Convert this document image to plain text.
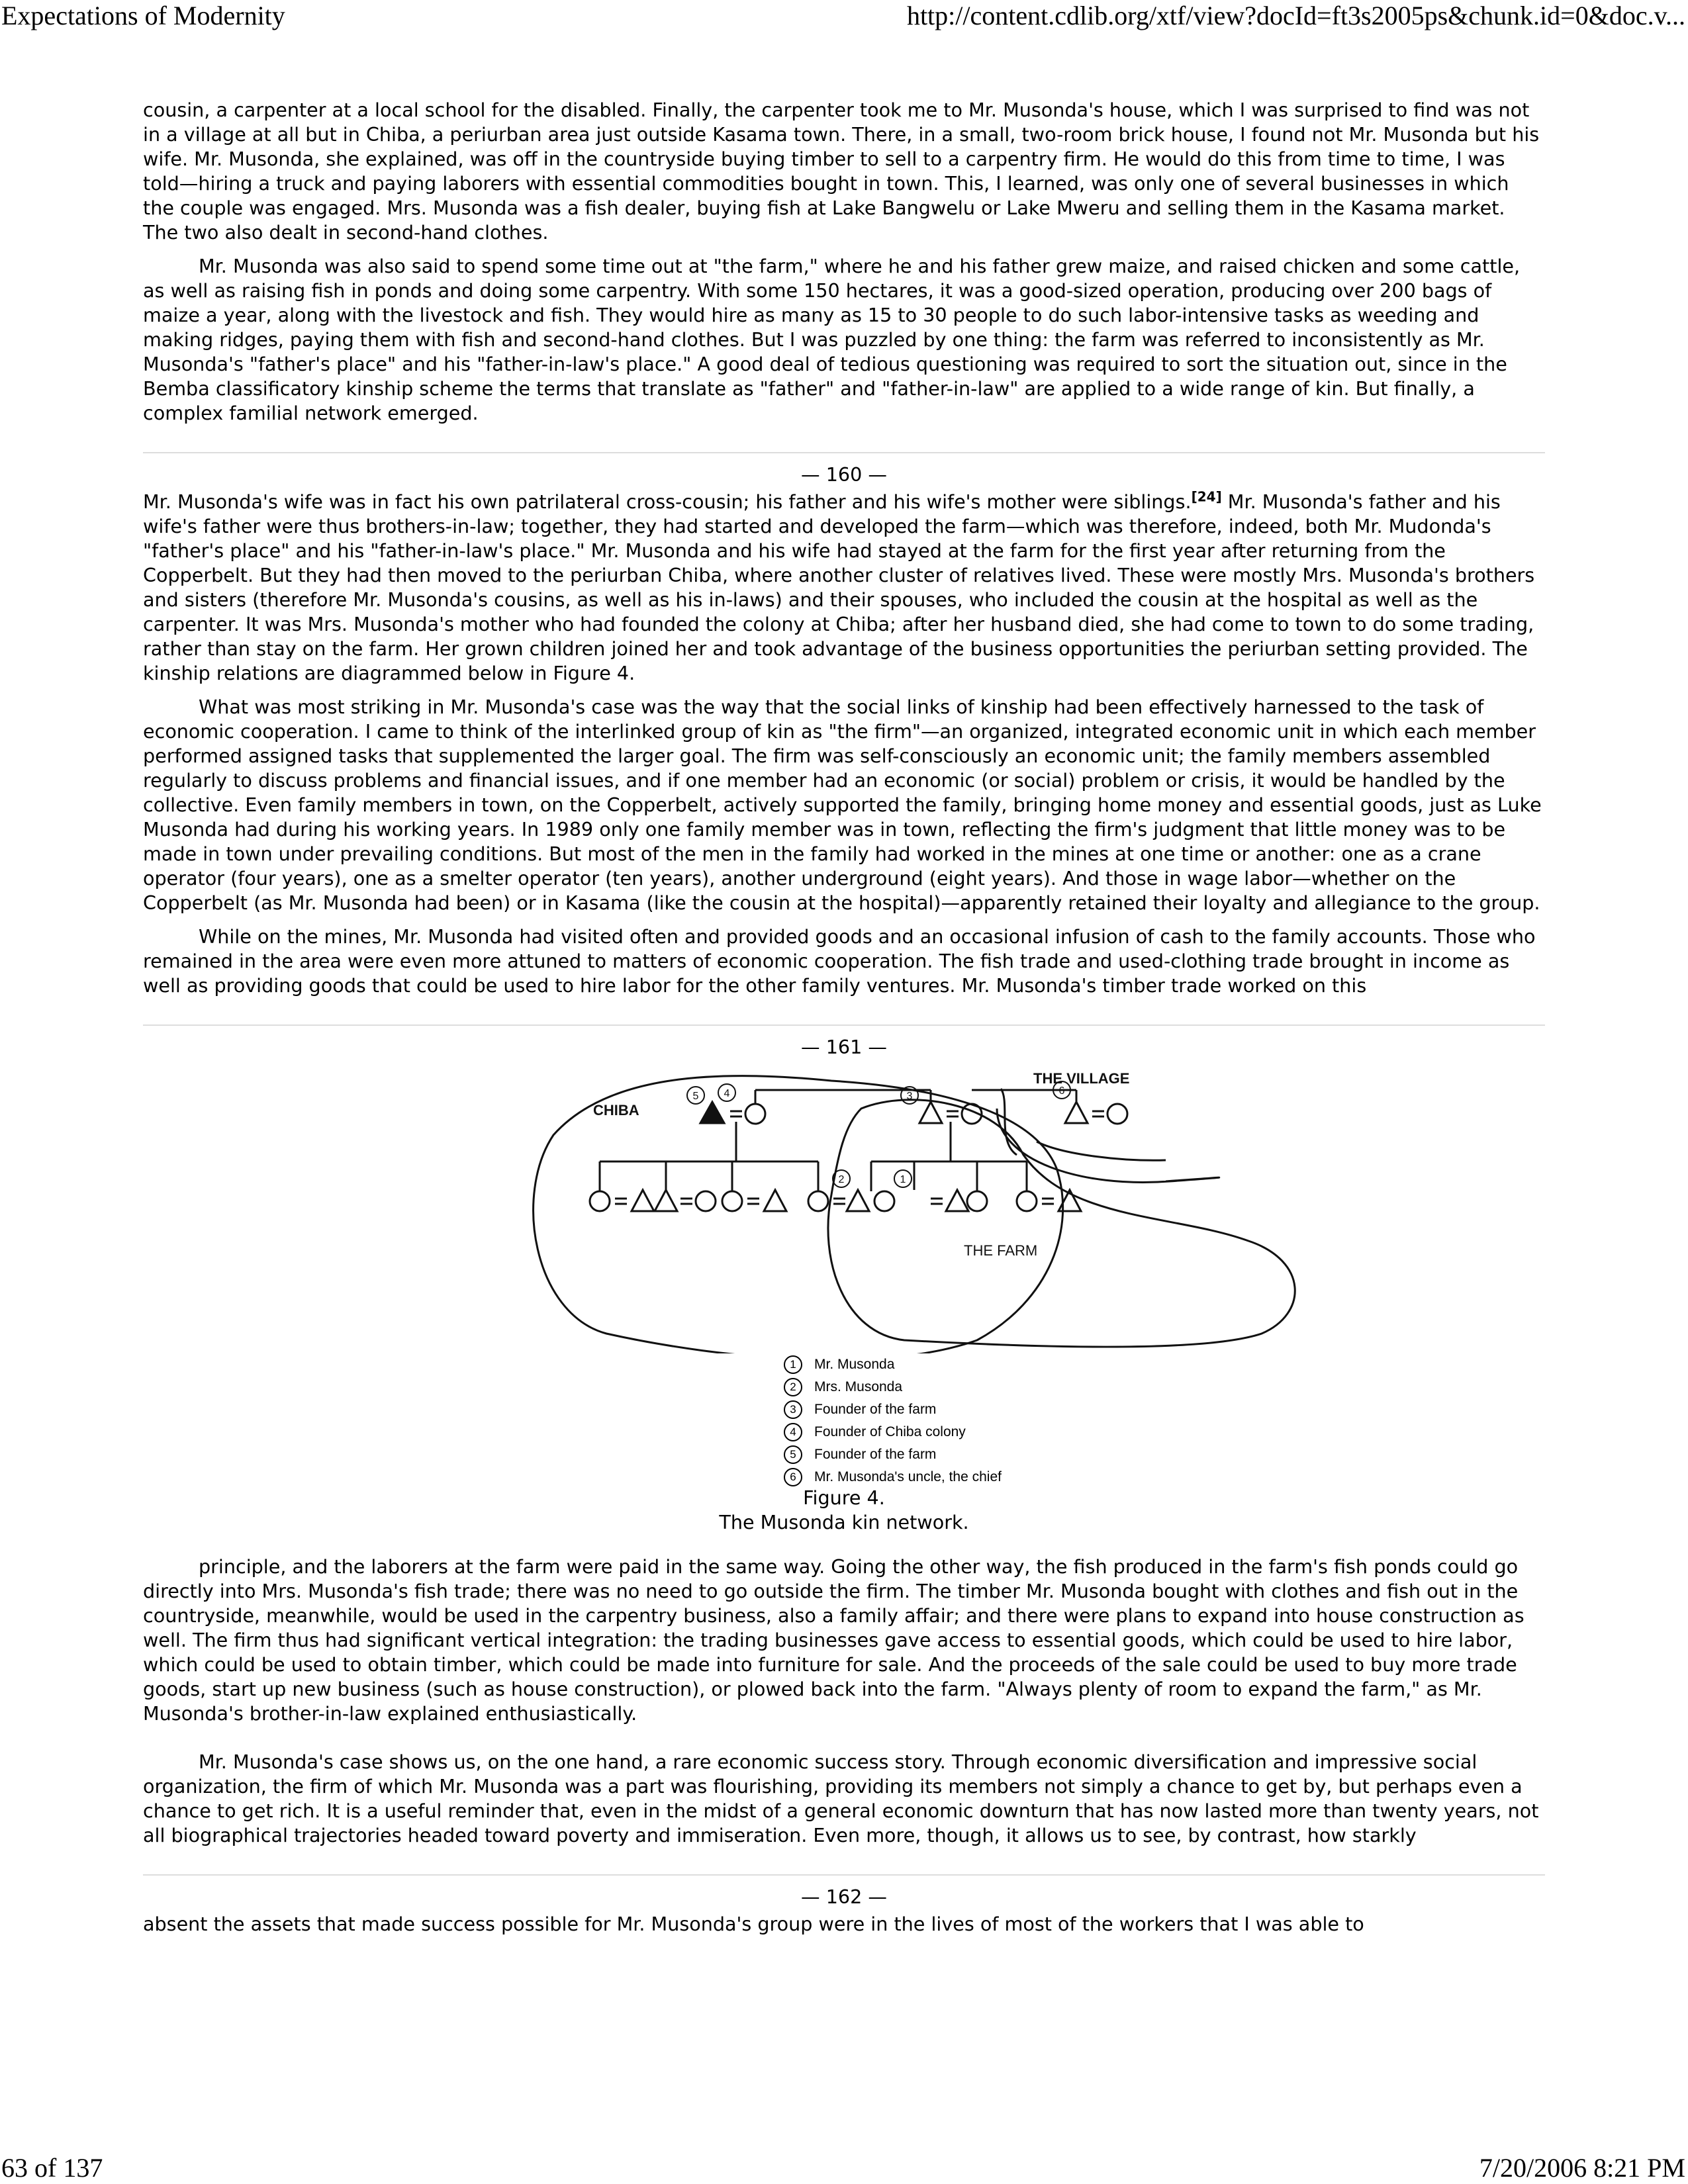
Expectations of Modernity	http://content.cdlib.org/xtf/view?docId=ft3s2005ps&chunk.id=0&doc.v...

cousin, a carpenter at a local school for the disabled. Finally, the carpenter took me to Mr. Musonda's house, which I was surprised to find was not in a village at all but in Chiba, a periurban area just outside Kasama town. There, in a small, two-room brick house, I found not Mr. Musonda but his wife. Mr. Musonda, she explained, was off in the countryside buying timber to sell to a carpentry firm. He would do this from time to time, I was told—hiring a truck and paying laborers with essential commodities bought in town. This, I learned, was only one of several businesses in which the couple was engaged. Mrs. Musonda was a fish dealer, buying fish at Lake Bangwelu or Lake Mweru and selling them in the Kasama market. The two also dealt in second-hand clothes.

Mr. Musonda was also said to spend some time out at "the farm," where he and his father grew maize, and raised chicken and some cattle, as well as raising fish in ponds and doing some carpentry. With some 150 hectares, it was a good-sized operation, producing over 200 bags of maize a year, along with the livestock and fish. They would hire as many as 15 to 30 people to do such labor-intensive tasks as weeding and making ridges, paying them with fish and second-hand clothes. But I was puzzled by one thing: the farm was referred to inconsistently as Mr. Musonda's "father's place" and his "father-in-law's place." A good deal of tedious questioning was required to sort the situation out, since in the Bemba classificatory kinship scheme the terms that translate as "father" and "father-in-law" are applied to a wide range of kin. But finally, a complex familial network emerged.

— 160 —

Mr. Musonda's wife was in fact his own patrilateral cross-cousin; his father and his wife's mother were siblings.[24] Mr. Musonda's father and his wife's father were thus brothers-in-law; together, they had started and developed the farm—which was therefore, indeed, both Mr. Mudonda's "father's place" and his "father-in-law's place." Mr. Musonda and his wife had stayed at the farm for the first year after returning from the Copperbelt. But they had then moved to the periurban Chiba, where another cluster of relatives lived. These were mostly Mrs. Musonda's brothers and sisters (therefore Mr. Musonda's cousins, as well as his in-laws) and their spouses, who included the cousin at the hospital as well as the carpenter. It was Mrs. Musonda's mother who had founded the colony at Chiba; after her husband died, she had come to town to do some trading, rather than stay on the farm. Her grown children joined her and took advantage of the business opportunities the periurban setting provided. The kinship relations are diagrammed below in Figure 4.

What was most striking in Mr. Musonda's case was the way that the social links of kinship had been effectively harnessed to the task of economic cooperation. I came to think of the interlinked group of kin as "the firm"—an organized, integrated economic unit in which each member performed assigned tasks that supplemented the larger goal. The firm was self-consciously an economic unit; the family members assembled regularly to discuss problems and financial issues, and if one member had an economic (or social) problem or crisis, it would be handled by the collective. Even family members in town, on the Copperbelt, actively supported the family, bringing home money and essential goods, just as Luke Musonda had during his working years. In 1989 only one family member was in town, reflecting the firm's judgment that little money was to be made in town under prevailing conditions. But most of the men in the family had worked in the mines at one time or another: one as a crane operator (four years), one as a smelter operator (ten years), another underground (eight years). And those in wage labor—whether on the Copperbelt (as Mr. Musonda had been) or in Kasama (like the cousin at the hospital)—apparently retained their loyalty and allegiance to the group.

While on the mines, Mr. Musonda had visited often and provided goods and an occasional infusion of cash to the family accounts. Those who remained in the area were even more attuned to matters of economic cooperation. The fish trade and used-clothing trade brought in income as well as providing goods that could be used to hire labor for the other family ventures. Mr. Musonda's timber trade worked on this

— 161 —
5 4	3	6
2	1
CHIBA
THE VILLAGE
THE FARM
1	Mr. Musonda
2	Mrs. Musonda
3	Founder of the farm
4	Founder of Chiba colony
5	Founder of the farm
6	Mr. Musonda's uncle, the chief
Figure 4.
The Musonda kin network.

principle, and the laborers at the farm were paid in the same way. Going the other way, the fish produced in the farm's fish ponds could go directly into Mrs. Musonda's fish trade; there was no need to go outside the firm. The timber Mr. Musonda bought with clothes and fish out in the countryside, meanwhile, would be used in the carpentry business, also a family affair; and there were plans to expand into house construction as well. The firm thus had significant vertical integration: the trading businesses gave access to essential goods, which could be used to hire labor, which could be used to obtain timber, which could be made into furniture for sale. And the proceeds of the sale could be used to buy more trade goods, start up new business (such as house construction), or plowed back into the farm. "Always plenty of room to expand the farm," as Mr. Musonda's brother-in-law explained enthusiastically.

Mr. Musonda's case shows us, on the one hand, a rare economic success story. Through economic diversification and impressive social organization, the firm of which Mr. Musonda was a part was flourishing, providing its members not simply a chance to get by, but perhaps even a chance to get rich. It is a useful reminder that, even in the midst of a general economic downturn that has now lasted more than twenty years, not all biographical trajectories headed toward poverty and immiseration. Even more, though, it allows us to see, by contrast, how starkly

— 162 —

absent the assets that made success possible for Mr. Musonda's group were in the lives of most of the workers that I was able to

63 of 137	7/20/2006 8:21 PM
